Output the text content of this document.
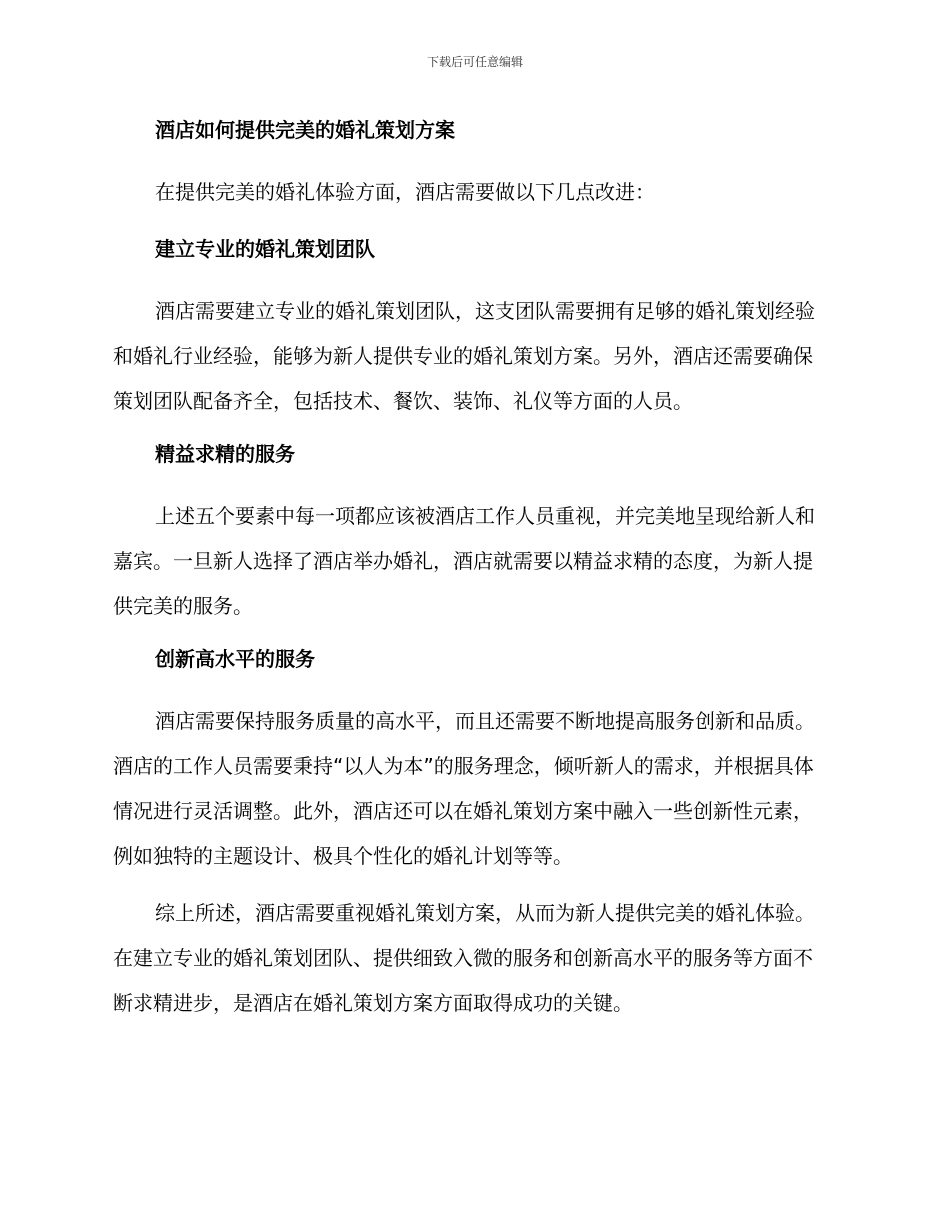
下载后可任意编辑
酒店如何提供完美的婚礼策划方案
在提供完美的婚礼体验方面，酒店需要做以下几点改进：
建立专业的婚礼策划团队
酒店需要建立专业的婚礼策划团队，这支团队需要拥有足够的婚礼策划经验和婚礼行业经验，能够为新人提供专业的婚礼策划方案。另外，酒店还需要确保策划团队配备齐全，包括技术、餐饮、装饰、礼仪等方面的人员。
精益求精的服务
上述五个要素中每一项都应该被酒店工作人员重视，并完美地呈现给新人和嘉宾。一旦新人选择了酒店举办婚礼，酒店就需要以精益求精的态度，为新人提供完美的服务。
创新高水平的服务
酒店需要保持服务质量的高水平，而且还需要不断地提高服务创新和品质。酒店的工作人员需要秉持“以人为本”的服务理念，倾听新人的需求，并根据具体情况进行灵活调整。此外，酒店还可以在婚礼策划方案中融入一些创新性元素，例如独特的主题设计、极具个性化的婚礼计划等等。
综上所述，酒店需要重视婚礼策划方案，从而为新人提供完美的婚礼体验。在建立专业的婚礼策划团队、提供细致入微的服务和创新高水平的服务等方面不断求精进步，是酒店在婚礼策划方案方面取得成功的关键。
